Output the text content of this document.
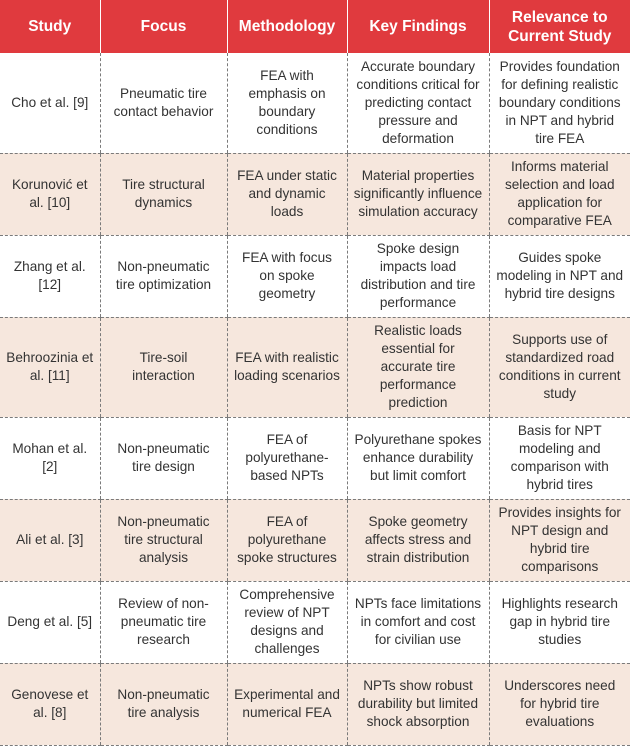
Study	Focus	Methodology	Key Findings	Relevance to Current Study
Cho et al. [9]	Pneumatic tire contact behavior	FEA with emphasis on boundary conditions	Accurate boundary conditions critical for predicting contact pressure and deformation	Provides foundation for defining realistic boundary conditions in NPT and hybrid tire FEA
Korunović et al. [10]	Tire structural dynamics	FEA under static and dynamic loads	Material properties significantly influence simulation accuracy	Informs material selection and load application for comparative FEA
Zhang et al. [12]	Non-pneumatic tire optimization	FEA with focus on spoke geometry	Spoke design impacts load distribution and tire performance	Guides spoke modeling in NPT and hybrid tire designs
Behroozinia et al. [11]	Tire-soil interaction	FEA with realistic loading scenarios	Realistic loads essential for accurate tire performance prediction	Supports use of standardized road conditions in current study
Mohan et al. [2]	Non-pneumatic tire design	FEA of polyurethane-based NPTs	Polyurethane spokes enhance durability but limit comfort	Basis for NPT modeling and comparison with hybrid tires
Ali et al. [3]	Non-pneumatic tire structural analysis	FEA of polyurethane spoke structures	Spoke geometry affects stress and strain distribution	Provides insights for NPT design and hybrid tire comparisons
Deng et al. [5]	Review of non-pneumatic tire research	Comprehensive review of NPT designs and challenges	NPTs face limitations in comfort and cost for civilian use	Highlights research gap in hybrid tire studies
Genovese et al. [8]	Non-pneumatic tire analysis	Experimental and numerical FEA	NPTs show robust durability but limited shock absorption	Underscores need for hybrid tire evaluations
